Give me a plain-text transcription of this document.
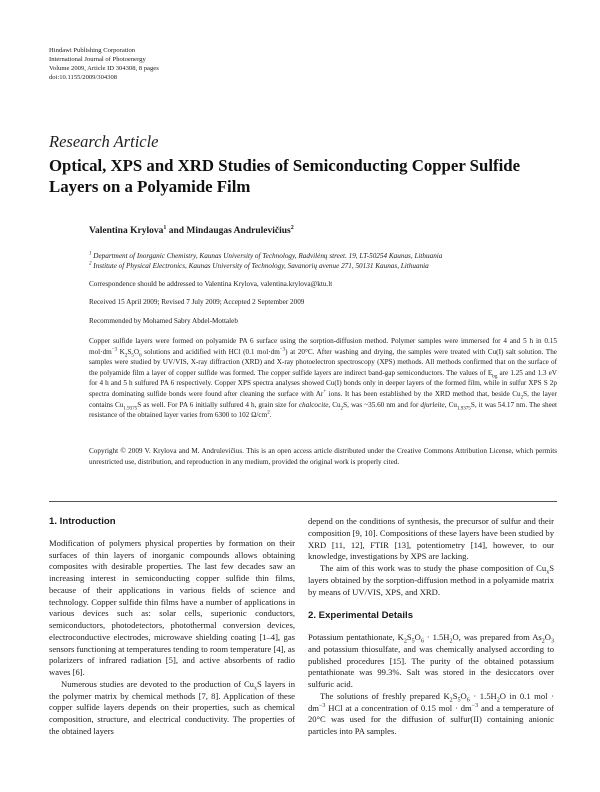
Hindawi Publishing Corporation
International Journal of Photoenergy
Volume 2009, Article ID 304308, 8 pages
doi:10.1155/2009/304308
Research Article
Optical, XPS and XRD Studies of Semiconducting Copper Sulfide
Layers on a Polyamide Film
Valentina Krylova$^1$ and Mindaugas Andrulevičius$^2$
$^1$ Department of Inorganic Chemistry, Kaunas University of Technology, Radvilėnų street. 19, LT-50254 Kaunas, Lithuania
$^2$ Institute of Physical Electronics, Kaunas University of Technology, Savanorių avenue 271, 50131 Kaunas, Lithuania
Correspondence should be addressed to Valentina Krylova, valentina.krylova@ktu.lt
Received 15 April 2009; Revised 7 July 2009; Accepted 2 September 2009
Recommended by Mohamed Sabry Abdel-Mottaleb
Copper sulfide layers were formed on polyamide PA 6 surface using the sorption-diffusion method. Polymer samples were immersed for 4 and 5 h in 0.15 $mol\cdot dm^{-3}$ $K_2S_5O_6$ solutions and acidified with HCl (0.1 $mol\cdot dm^{-3}$) at 20°C. After washing and drying, the samples were treated with Cu(I) salt solution. The samples were studied by UV/VIS, X-ray diffraction (XRD) and X-ray photoelectron spectroscopy (XPS) methods. All methods confirmed that on the surface of the polyamide film a layer of copper sulfide was formed. The copper sulfide layers are indirect band-gap semiconductors. The values of $E_{bg}$ are 1.25 and 1.3 eV for 4 h and 5 h sulfured PA 6 respectively. Copper XPS spectra analyses showed Cu(I) bonds only in deeper layers of the formed film, while in sulfur XPS S 2p spectra dominating sulfide bonds were found after cleaning the surface with Ar+ ions. It has been established by the XRD method that, beside $Cu_2S$, the layer contains $Cu_{1.9375}S$ as well. For PA 6 initially sulfured 4 h, grain size for chalcocite, $Cu_2S$, was ~35.60 nm and for djurleite, $Cu_{1.9375}S$, it was 54.17 nm. The sheet resistance of the obtained layer varies from 6300 to 102 $\Omega/cm^2$.
Copyright © 2009 V. Krylova and M. Andrulevičius. This is an open access article distributed under the Creative Commons Attribution License, which permits unrestricted use, distribution, and reproduction in any medium, provided the original work is properly cited.
1. Introduction

Modification of polymers physical properties by formation on their surfaces of thin layers of inorganic compounds allows obtaining composites with desirable properties. The last few decades saw an increasing interest in semiconducting copper sulfide thin films, because of their applications in various fields of science and technology. Copper sulfide thin films have a number of applications in various devices such as: solar cells, superionic conductors, semiconductors, photodetectors, photothermal conversion devices, electroconductive electrodes, microwave shielding coating [1–4], gas sensors functioning at temperatures tending to room temperature [4], as polarizers of infrared radiation [5], and active absorbents of radio waves [6].

Numerous studies are devoted to the production of $Cu_xS$ layers in the polymer matrix by chemical methods [7, 8]. Application of these copper sulfide layers depends on their properties, such as chemical composition, structure, and electrical conductivity. The properties of the obtained layers

depend on the conditions of synthesis, the precursor of sulfur and their composition [9, 10]. Compositions of these layers have been studied by XRD [11, 12], FTIR [13], potentiometry [14], however, to our knowledge, investigations by XPS are lacking.

The aim of this work was to study the phase composition of $Cu_xS$ layers obtained by the sorption-diffusion method in a polyamide matrix by means of UV/VIS, XPS, and XRD.

2. Experimental Details

Potassium pentathionate, $K_2S_5O_6 \cdot 1.5H_2O$, was prepared from $As_2O_3$ and potassium thiosulfate, and was chemically analysed according to published procedures [15]. The purity of the obtained potassium pentathionate was 99.3%. Salt was stored in the desiccators over sulfuric acid.

The solutions of freshly prepared $K_2S_5O_6 \cdot 1.5H_2O$ in 0.1 mol · $dm^{-3}$ HCl at a concentration of 0.15 mol · $dm^{-3}$ and a temperature of 20°C was used for the diffusion of sulfur(II) containing anionic particles into PA samples.
